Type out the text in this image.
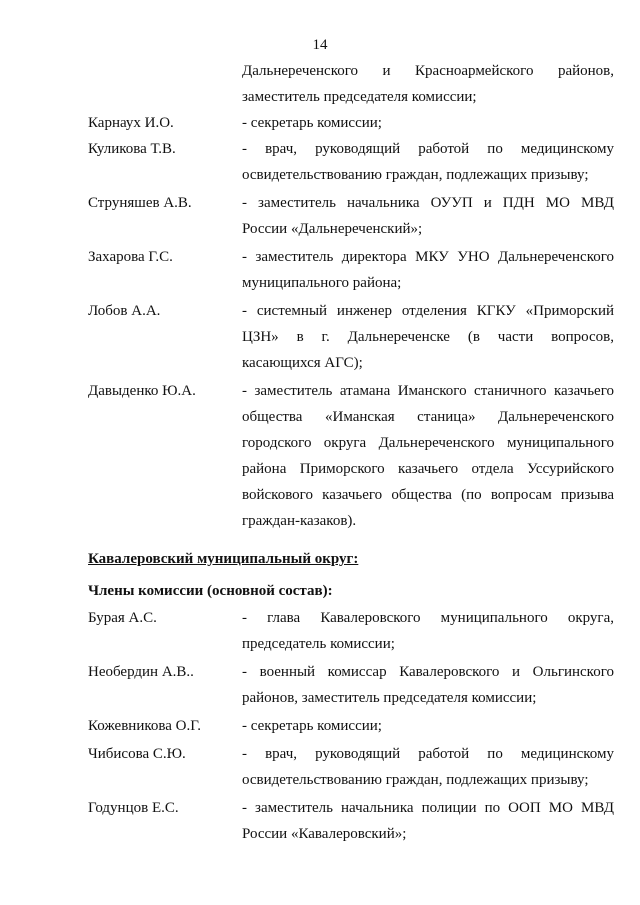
14
Дальнереченского и Красноармейского районов,
заместитель председателя комиссии;
Карнаух И.О.	- секретарь комиссии;
Куликова Т.В.	- врач, руководящий работой по медицинскому
освидетельствованию граждан, подлежащих призыву;
Струняшев А.В.	- заместитель начальника ОУУП и ПДН МО МВД
России «Дальнереченский»;
Захарова Г.С.	- заместитель директора МКУ УНО Дальнереченского
муниципального района;
Лобов А.А.	- системный инженер отделения КГКУ «Приморский
ЦЗН» в г. Дальнереченске (в части вопросов,
касающихся АГС);
Давыденко Ю.А.	- заместитель атамана Иманского станичного казачьего
общества «Иманская станица» Дальнереченского
городского округа Дальнереченского муниципального
района Приморского казачьего отдела Уссурийского
войскового казачьего общества (по вопросам призыва
граждан-казаков).
Кавалеровский муниципальный округ:
Члены комиссии (основной состав):
Бурая А.С.	- глава Кавалеровского муниципального округа,
председатель комиссии;
Необердин А.В..	- военный комиссар Кавалеровского и Ольгинского
районов, заместитель председателя комиссии;
Кожевникова О.Г.	- секретарь комиссии;
Чибисова С.Ю.	- врач, руководящий работой по медицинскому
освидетельствованию граждан, подлежащих призыву;
Годунцов Е.С.	- заместитель начальника полиции по ООП МО МВД
России «Кавалеровский»;
